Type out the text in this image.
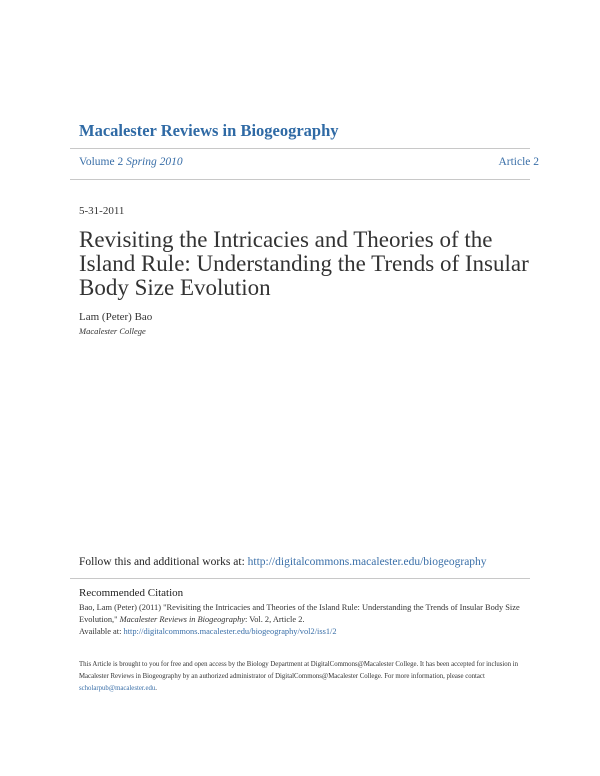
Macalester Reviews in Biogeography
Volume 2 Spring 2010	Article 2
5-31-2011
Revisiting the Intricacies and Theories of the Island Rule: Understanding the Trends of Insular Body Size Evolution
Lam (Peter) Bao
Macalester College
Follow this and additional works at: http://digitalcommons.macalester.edu/biogeography
Recommended Citation
Bao, Lam (Peter) (2011) "Revisiting the Intricacies and Theories of the Island Rule: Understanding the Trends of Insular Body Size Evolution," Macalester Reviews in Biogeography: Vol. 2, Article 2.
Available at: http://digitalcommons.macalester.edu/biogeography/vol2/iss1/2
This Article is brought to you for free and open access by the Biology Department at DigitalCommons@Macalester College. It has been accepted for inclusion in Macalester Reviews in Biogeography by an authorized administrator of DigitalCommons@Macalester College. For more information, please contact scholarpub@macalester.edu.
